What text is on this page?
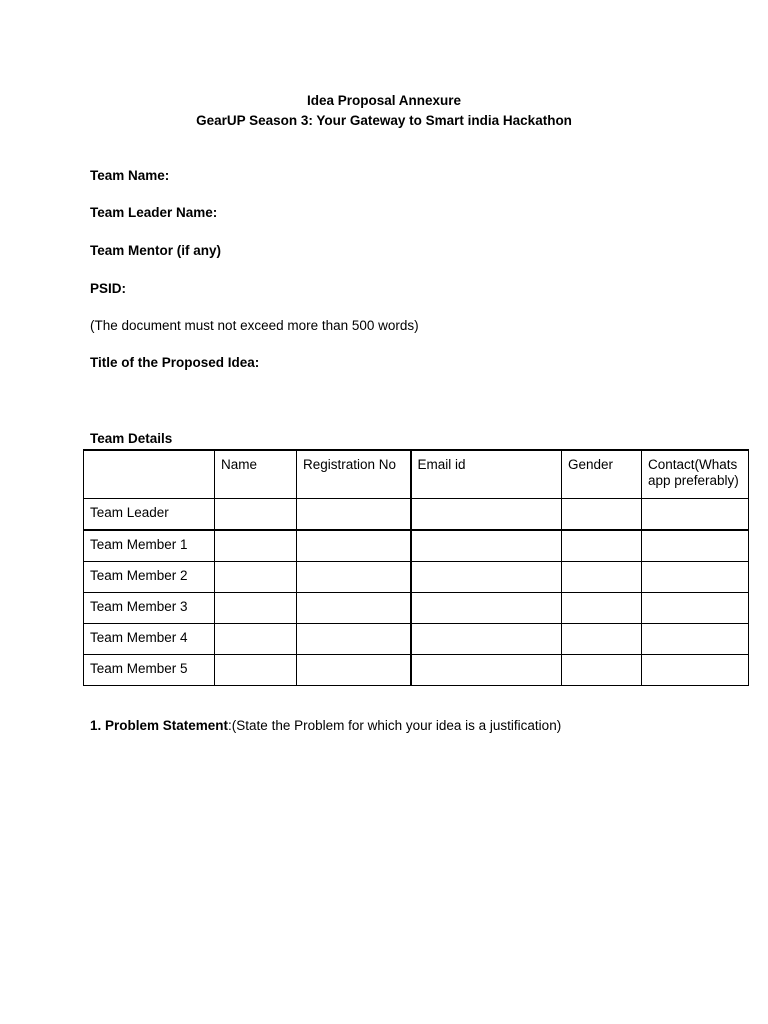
Idea Proposal Annexure
GearUP Season 3: Your Gateway to Smart india Hackathon
Team Name:
Team Leader Name:
Team Mentor (if any)
PSID:
(The document must not exceed more than 500 words)
Title of the Proposed Idea:
Team Details
	Name	Registration No	Email id	Gender	Contact(Whats app preferably)
Team Leader					
Team Member 1					
Team Member 2					
Team Member 3					
Team Member 4					
Team Member 5					
1. Problem Statement:(State the Problem for which your idea is a justification)
